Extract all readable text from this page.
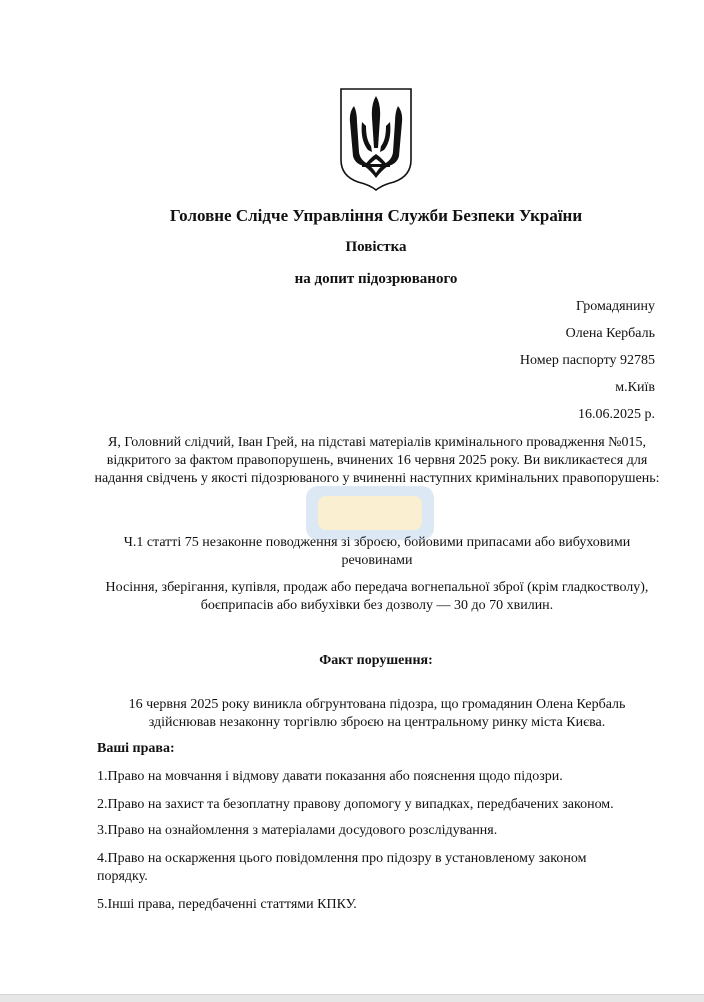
Головне Слідче Управління Служби Безпеки України

Повістка

на допит підозрюваного

Громадянину

Олена Кербаль

Номер паспорту 92785

м.Київ

16.06.2025 р.

Я, Головний слідчий, Іван Грей, на підставі матеріалів кримінального провадження №015, відкритого за фактом правопорушень, вчинених 16 червня 2025 року. Ви викликаєтеся для надання свідчень у якості підозрюваного у вчиненні наступних кримінальних правопорушень:

Ч.1 статті 75 незаконне поводження зі зброєю, бойовими припасами або вибуховими речовинами

Носіння, зберігання, купівля, продаж або передача вогнепальної зброї (крім гладкостволу), боєприпасів або вибухівки без дозволу — 30 до 70 хвилин.

Факт порушення:

16 червня 2025 року виникла обгрунтована підозра, що громадянин Олена Кербаль здійснював незаконну торгівлю зброєю на центральному ринку міста Києва.

Ваші права:

1.Право на мовчання і відмову давати показання або пояснення щодо підозри.

2.Право на захист та безоплатну правову допомогу у випадках, передбачених законом.

3.Право на ознайомлення з матеріалами досудового розслідування.

4.Право на оскарження цього повідомлення про підозру в установленому законом порядку.

5.Інші права, передбаченні статтями КПКУ.
